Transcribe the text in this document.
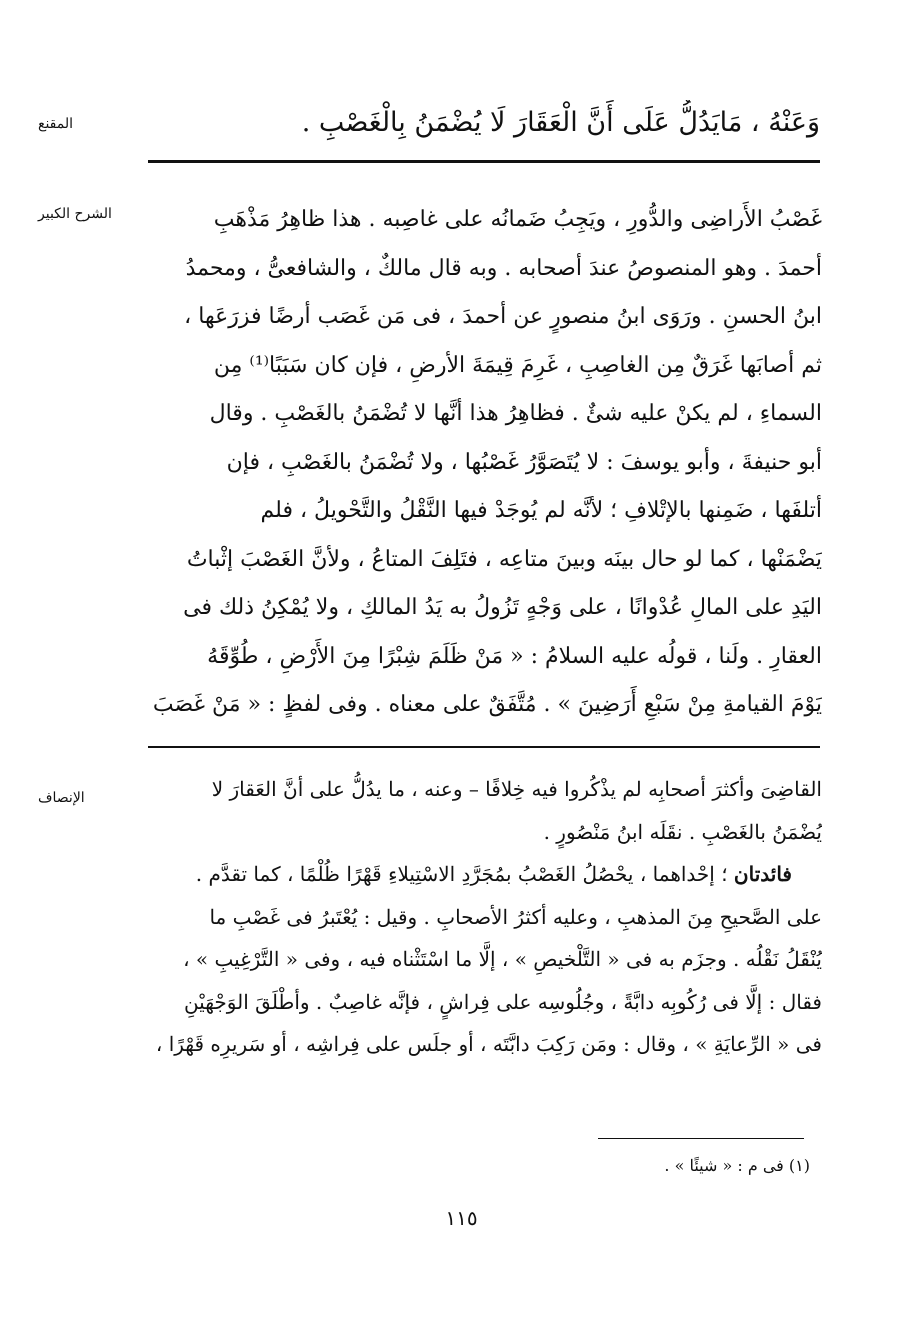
المقنع	وَعَنْهُ ، مَايَدُلُّ عَلَى أَنَّ الْعَقَارَ لَا يُضْمَنُ بِالْغَصْبِ .
الشرح الكبير	غَصْبُ الأَراضِى والدُّورِ ، ويَجِبُ ضَمانُه على غاصِبه . هذا ظاهِرُ مَذْهَبِ
أحمدَ . وهو المنصوصُ عندَ أصحابه . وبه قال مالكٌ ، والشافعىُّ ، ومحمدُ
ابنُ الحسنِ . ورَوَى ابنُ منصورٍ عن أحمدَ ، فى مَن غَصَب أرضًا فزرَعَها ،
ثم أصابَها غَرَقٌ مِن الغاصِبِ ، غَرِمَ قِيمَةَ الأرضِ ، فإن كان سَبَبًا⁽¹⁾ مِن
السماءِ ، لم يكنْ عليه شئٌ . فظاهِرُ هذا أنَّها لا تُضْمَنُ بالغَصْبِ . وقال
أبو حنيفةَ ، وأبو يوسفَ : لا يُتَصَوَّرُ غَصْبُها ، ولا تُضْمَنُ بالغَصْبِ ، فإن
أتلفَها ، ضَمِنها بالإتْلافِ ؛ لأنَّه لم يُوجَدْ فيها النَّقْلُ والتَّحْويلُ ، فلم
يَضْمَنْها ، كما لو حال بينَه وبينَ متاعِه ، فتَلِفَ المتاعُ ، ولأنَّ الغَصْبَ إثْباتُ
اليَدِ على المالِ عُدْوانًا ، على وَجْهٍ تَزُولُ به يَدُ المالكِ ، ولا يُمْكِنُ ذلك فى
العقارِ . ولَنا ، قولُه عليه السلامُ : « مَنْ ظَلَمَ شِبْرًا مِنَ الأَرْضِ ، طُوِّقَهُ
يَوْمَ القيامةِ مِنْ سَبْعِ أَرَضِينَ » . مُتَّفَقٌ على معناه . وفى لفظٍ : « مَنْ غَصَبَ
الإنصاف	القاضِىَ وأكثرَ أصحابِه لم يذْكُروا فيه خِلافًا – وعنه ، ما يدُلُّ على أنَّ العَقارَ لا
يُضْمَنُ بالغَصْبِ . نقَلَه ابنُ مَنْصُورٍ .
فائدتان ؛ إحْداهما ، يحْصُلُ الغَصْبُ بمُجَرَّدِ الاسْتِيلاءِ قَهْرًا ظُلْمًا ، كما تقدَّم .
على الصَّحيحِ مِنَ المذهبِ ، وعليه أكثرُ الأصحابِ . وقيل : يُعْتَبرُ فى غَصْبِ ما
يُنْقَلُ نَقْلُه . وجزَم به فى « التَّلْخيصِ » ، إلَّا ما اسْتَثْناه فيه ، وفى « التَّرْغِيبِ » ،
فقال : إلَّا فى رُكُوبِه دابَّةً ، وجُلُوسِه على فِراشٍ ، فإنَّه غاصِبٌ . وأطْلَقَ الوَجْهَيْنِ
فى « الرِّعايَةِ » ، وقال : ومَن رَكِبَ دابَّتَه ، أو جلَس على فِراشِه ، أو سَريرِه قَهْرًا ،
(١) فى م : « شيئًا » .
١١٥
